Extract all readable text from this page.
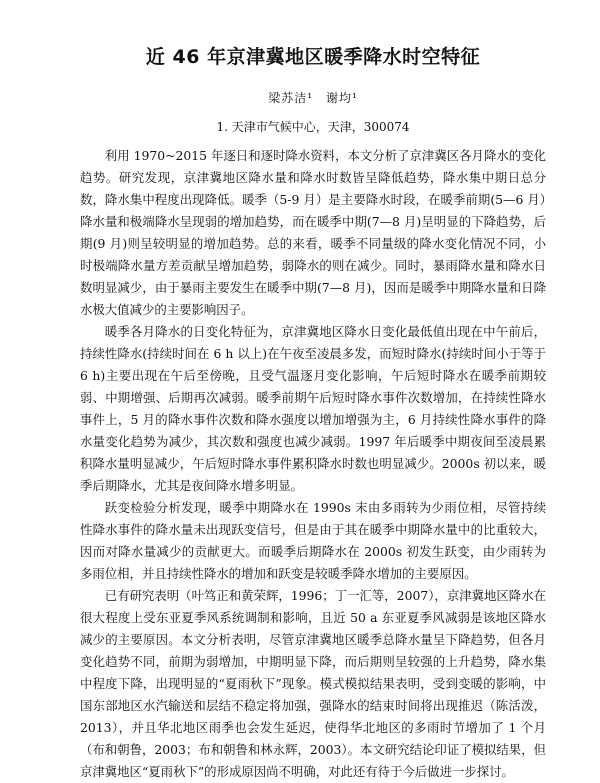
近 46 年京津冀地区暖季降水时空特征
梁苏洁¹　谢均¹
1. 天津市气候中心，天津，300074

利用 1970~2015 年逐日和逐时降水资料，本文分析了京津冀区各月降水的变化趋势。研究发现，京津冀地区降水量和降水时数皆呈降低趋势，降水集中期日总分数，降水集中程度出现降低。暖季（5-9 月）是主要降水时段，在暖季前期(5—6 月）降水量和极端降水呈现弱的增加趋势，而在暖季中期(7—8 月)呈明显的下降趋势，后期(9 月)则呈较明显的增加趋势。总的来看，暖季不同量级的降水变化情况不同，小时极端降水量方差贡献呈增加趋势，弱降水的则在减少。同时，暴雨降水量和降水日数明显减少，由于暴雨主要发生在暖季中期(7—8 月)，因而是暖季中期降水量和日降水极大值减少的主要影响因子。

暖季各月降水的日变化特征为，京津冀地区降水日变化最低值出现在中午前后，持续性降水(持续时间在 6 h 以上)在午夜至凌晨多发，而短时降水(持续时间小于等于 6 h)主要出现在午后至傍晚，且受气温逐月变化影响，午后短时降水在暖季前期较弱、中期增强、后期再次减弱。暖季前期午后短时降水事件次数增加，在持续性降水事件上，5 月的降水事件次数和降水强度以增加增强为主，6 月持续性降水事件的降水量变化趋势为减少，其次数和强度也减少减弱。1997 年后暖季中期夜间至凌晨累积降水量明显减少，午后短时降水事件累积降水时数也明显减少。2000s 初以来，暖季后期降水，尤其是夜间降水增多明显。

跃变检验分析发现，暖季中期降水在 1990s 末由多雨转为少雨位相，尽管持续性降水事件的降水量未出现跃变信号，但是由于其在暖季中期降水量中的比重较大，因而对降水量减少的贡献更大。而暖季后期降水在 2000s 初发生跃变，由少雨转为多雨位相，并且持续性降水的增加和跃变是较暖季降水增加的主要原因。

已有研究表明（叶笃正和黄荣辉，1996；丁一汇等，2007），京津冀地区降水在很大程度上受东亚夏季风系统调制和影响，且近 50 a 东亚夏季风减弱是该地区降水减少的主要原因。本文分析表明，尽管京津冀地区暖季总降水量呈下降趋势，但各月变化趋势不同，前期为弱增加，中期明显下降，而后期则呈较强的上升趋势，降水集中程度下降，出现明显的“夏雨秋下”现象。模式模拟结果表明，受到变暖的影响，中国东部地区水汽输送和层结不稳定将加强，强降水的结束时间将出现推迟（陈活泼，2013），并且华北地区雨季也会发生延迟，使得华北地区的多雨时节增加了 1 个月（布和朝鲁，2003；布和朝鲁和林永辉，2003）。本文研究结论印证了模拟结果，但京津冀地区“夏雨秋下”的形成原因尚不明确，对此还有待于今后做进一步探讨。
